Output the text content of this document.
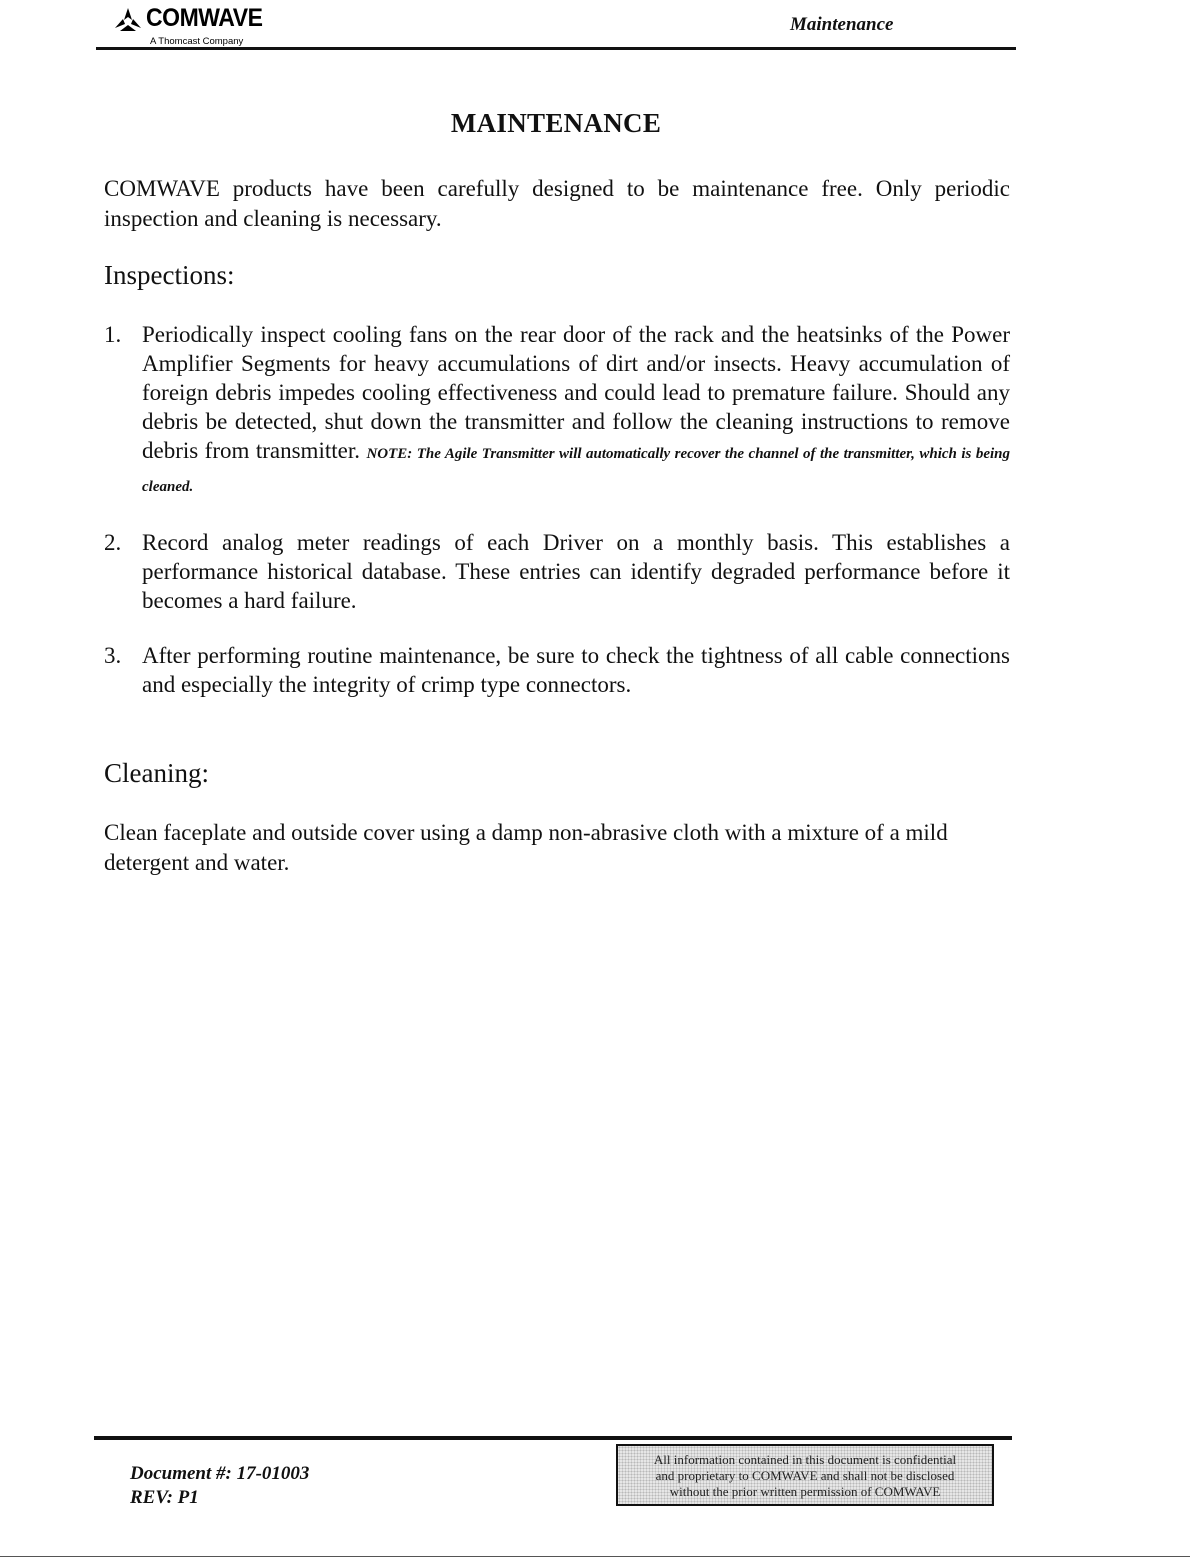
COMWAVE
A Thomcast Company
Maintenance
MAINTENANCE
COMWAVE products have been carefully designed to be maintenance free. Only periodic inspection and cleaning is necessary.
Inspections:
1. Periodically inspect cooling fans on the rear door of the rack and the heatsinks of the Power Amplifier Segments for heavy accumulations of dirt and/or insects. Heavy accumulation of foreign debris impedes cooling effectiveness and could lead to premature failure. Should any debris be detected, shut down the transmitter and follow the cleaning instructions to remove debris from transmitter. NOTE: The Agile Transmitter will automatically recover the channel of the transmitter, which is being cleaned.
2. Record analog meter readings of each Driver on a monthly basis. This establishes a performance historical database. These entries can identify degraded performance before it becomes a hard failure.
3. After performing routine maintenance, be sure to check the tightness of all cable connections and especially the integrity of crimp type connectors.
Cleaning:
Clean faceplate and outside cover using a damp non-abrasive cloth with a mixture of a mild detergent and water.
Document #: 17-01003
REV: P1
All information contained in this document is confidential
and proprietary to COMWAVE and shall not be disclosed
without the prior written permission of COMWAVE
